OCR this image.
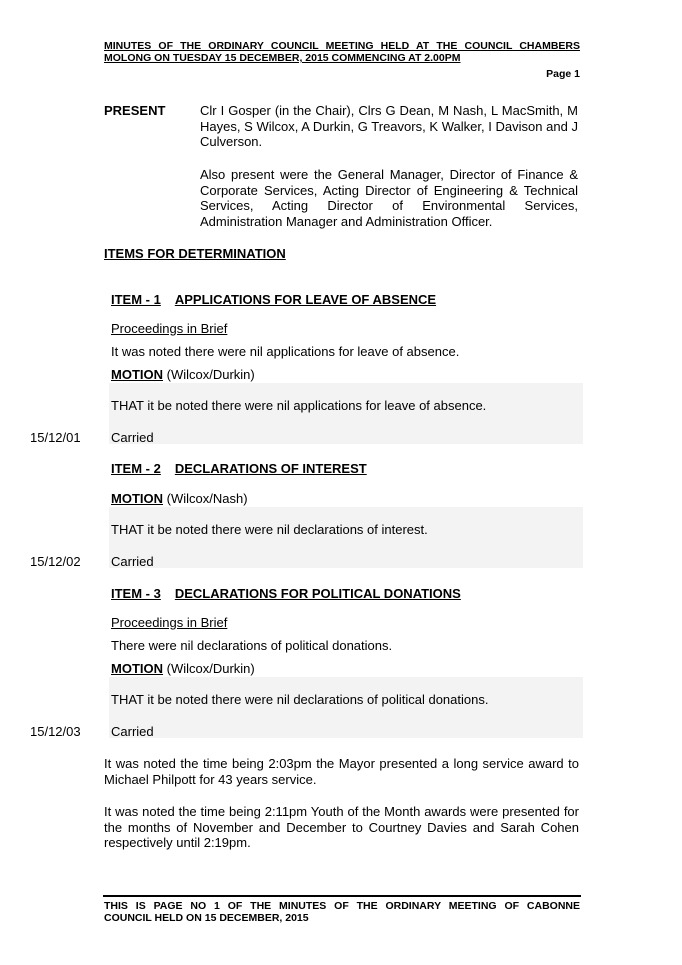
MINUTES OF THE ORDINARY COUNCIL MEETING HELD AT THE COUNCIL CHAMBERS
MOLONG ON TUESDAY 15 DECEMBER, 2015 COMMENCING AT 2.00PM
Page 1
PRESENT	Clr I Gosper (in the Chair), Clrs G Dean, M Nash, L MacSmith, M Hayes, S Wilcox, A Durkin, G Treavors, K Walker, I Davison and J Culverson.
Also present were the General Manager, Director of Finance & Corporate Services, Acting Director of Engineering & Technical Services, Acting Director of Environmental Services, Administration Manager and Administration Officer.
ITEMS FOR DETERMINATION
ITEM - 1 APPLICATIONS FOR LEAVE OF ABSENCE
Proceedings in Brief
It was noted there were nil applications for leave of absence.
MOTION (Wilcox/Durkin)
THAT it be noted there were nil applications for leave of absence.
15/12/01 Carried
ITEM - 2 DECLARATIONS OF INTEREST
MOTION (Wilcox/Nash)
THAT it be noted there were nil declarations of interest.
15/12/02 Carried
ITEM - 3 DECLARATIONS FOR POLITICAL DONATIONS
Proceedings in Brief
There were nil declarations of political donations.
MOTION (Wilcox/Durkin)
THAT it be noted there were nil declarations of political donations.
15/12/03 Carried
It was noted the time being 2:03pm the Mayor presented a long service award to Michael Philpott for 43 years service.
It was noted the time being 2:11pm Youth of the Month awards were presented for the months of November and December to Courtney Davies and Sarah Cohen respectively until 2:19pm.
THIS IS PAGE NO 1 OF THE MINUTES OF THE ORDINARY MEETING OF CABONNE
COUNCIL HELD ON 15 DECEMBER, 2015
